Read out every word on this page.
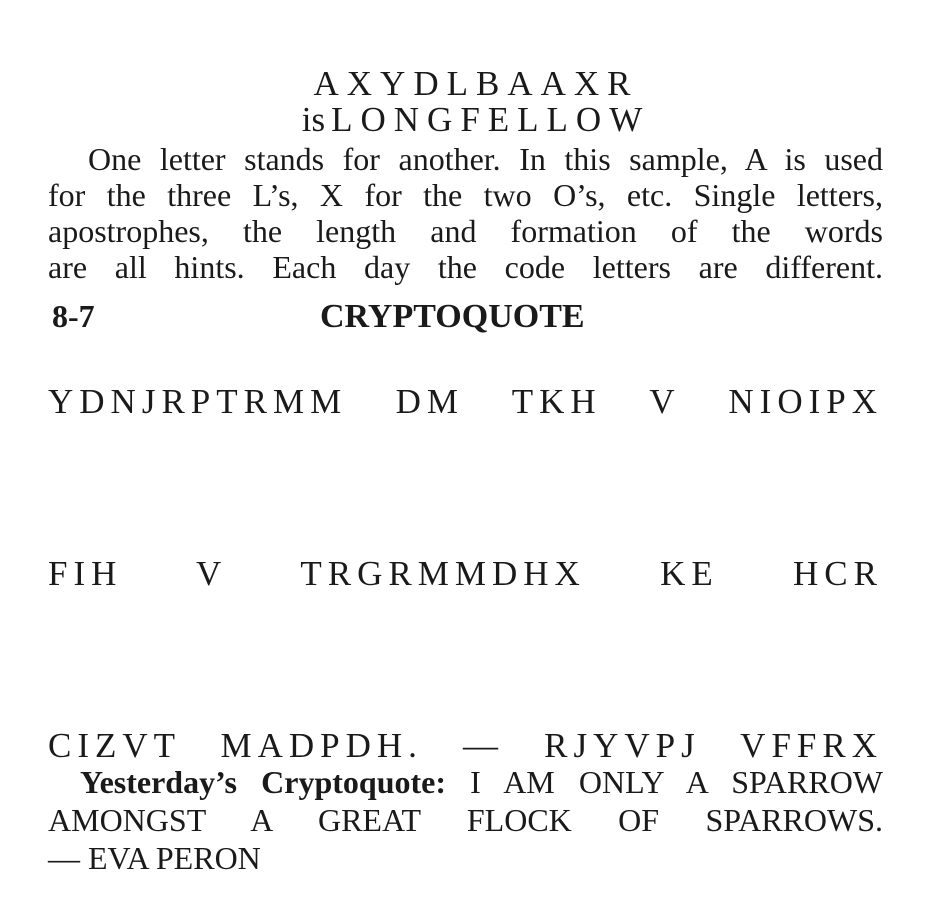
AXYDLBAAXR
is LONGFELLOW
One letter stands for another. In this sample, A is used
for the three L’s, X for the two O’s, etc. Single letters,
apostrophes, the length and formation of the words
are all hints. Each day the code letters are different.
8-7	CRYPTOQUOTE
YDNJRPTRMM DM TKH V NIOIPX
FIH V TRGRMMDHX KE HCR
CIZVT MADPDH. — RJYVPJ VFFRX
Yesterday’s Cryptoquote: I AM ONLY A SPARROW
AMONGST A GREAT FLOCK OF SPARROWS.
— EVA PERON
